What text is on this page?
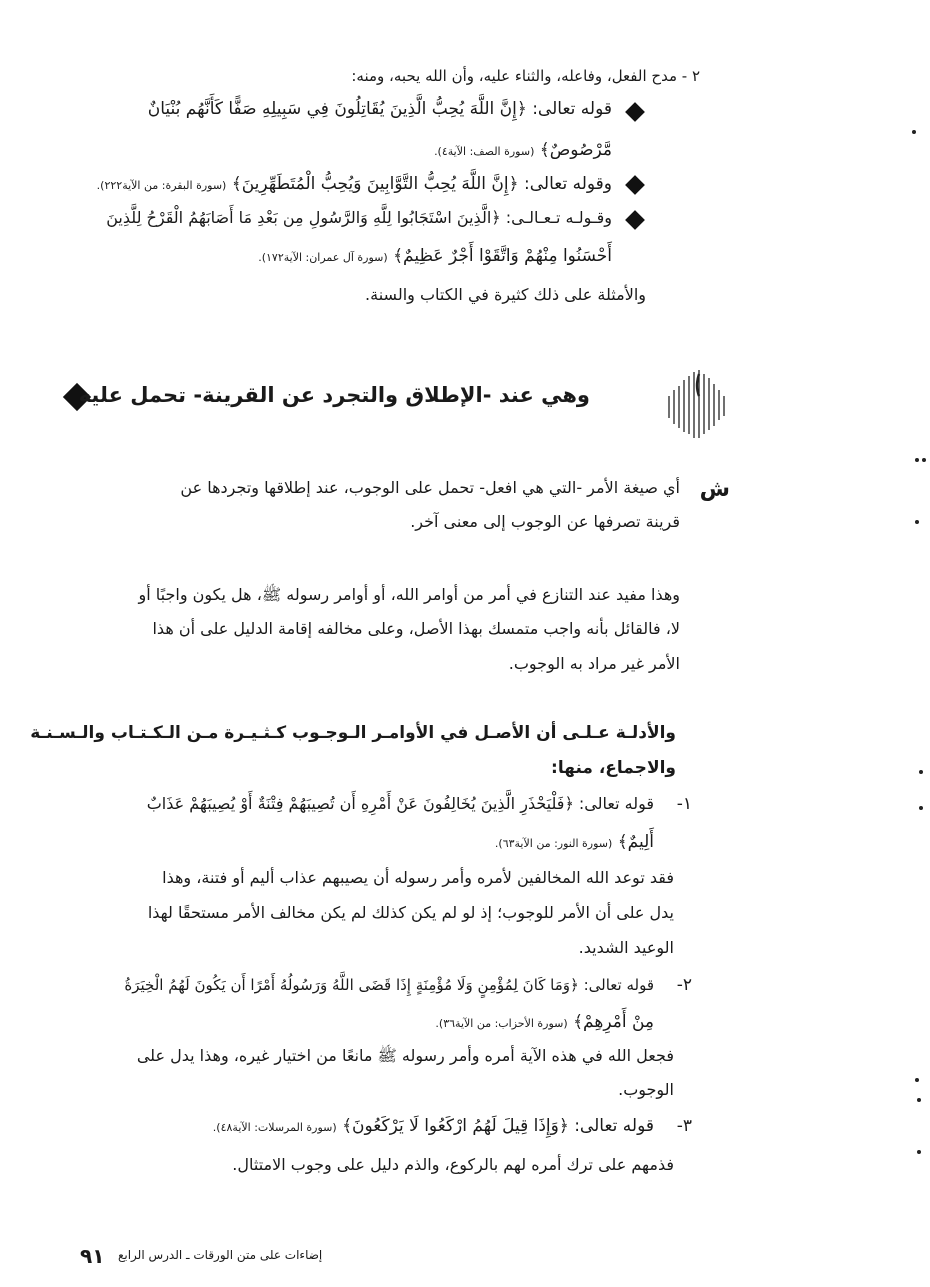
٢ - مدح الفعل، وفاعله، والثناء عليه، وأن الله يحبه، ومنه:
قوله تعالى: ﴿إِنَّ اللَّهَ يُحِبُّ الَّذِينَ يُقَاتِلُونَ فِي سَبِيلِهِ صَفًّا كَأَنَّهُم بُنْيَانٌ
مَّرْصُوصٌ﴾ (سورة الصف: الآية٤).
وقوله تعالى: ﴿إِنَّ اللَّهَ يُحِبُّ التَّوَّابِينَ وَيُحِبُّ الْمُتَطَهِّرِينَ﴾ (سورة البقرة: من الآية٢٢٢).
وقـولـه تـعـالـى: ﴿الَّذِينَ اسْتَجَابُوا لِلَّهِ وَالرَّسُولِ مِن بَعْدِ مَا أَصَابَهُمُ الْقَرْحُ لِلَّذِينَ
أَحْسَنُوا مِنْهُمْ وَاتَّقَوْا أَجْرٌ عَظِيمٌ﴾ (سورة آل عمران: الآية١٧٢).
والأمثلة على ذلك كثيرة في الكتاب والسنة.
وهي عند -الإطلاق والتجرد عن القرينة- تحمل عليه
ش
أي صيغة الأمر -التي هي افعل- تحمل على الوجوب، عند إطلاقها وتجردها عن
قرينة تصرفها عن الوجوب إلى معنى آخر.
وهذا مفيد عند التنازع في أمر من أوامر الله، أو أوامر رسوله ﷺ، هل يكون واجبًا أو
لا، فالقائل بأنه واجب متمسك بهذا الأصل، وعلى مخالفه إقامة الدليل على أن هذا
الأمر غير مراد به الوجوب.
والأدلـة عـلـى أن الأصـل في الأوامـر الـوجـوب كـثـيـرة مـن الـكـتـاب والـسـنـة
والاجماع، منها:
١-
قوله تعالى: ﴿فَلْيَحْذَرِ الَّذِينَ يُخَالِفُونَ عَنْ أَمْرِهِ أَن تُصِيبَهُمْ فِتْنَةٌ أَوْ يُصِيبَهُمْ عَذَابٌ
أَلِيمٌ﴾ (سورة النور: من الآية٦٣).
فقد توعد الله المخالفين لأمره وأمر رسوله أن يصيبهم عذاب أليم أو فتنة، وهذا
يدل على أن الأمر للوجوب؛ إذ لو لم يكن كذلك لم يكن مخالف الأمر مستحقًا لهذا
الوعيد الشديد.
٢-
قوله تعالى: ﴿وَمَا كَانَ لِمُؤْمِنٍ وَلَا مُؤْمِنَةٍ إِذَا قَضَى اللَّهُ وَرَسُولُهُ أَمْرًا أَن يَكُونَ لَهُمُ الْخِيَرَةُ
مِنْ أَمْرِهِمْ﴾ (سورة الأحزاب: من الآية٣٦).
فجعل الله في هذه الآية أمره وأمر رسوله ﷺ مانعًا من اختيار غيره، وهذا يدل على
الوجوب.
٣-
قوله تعالى: ﴿وَإِذَا قِيلَ لَهُمُ ارْكَعُوا لَا يَرْكَعُونَ﴾ (سورة المرسلات: الآية٤٨).
فذمهم على ترك أمره لهم بالركوع، والذم دليل على وجوب الامتثال.
٩١ إضاءات على متن الورقات ـ الدرس الرابع
